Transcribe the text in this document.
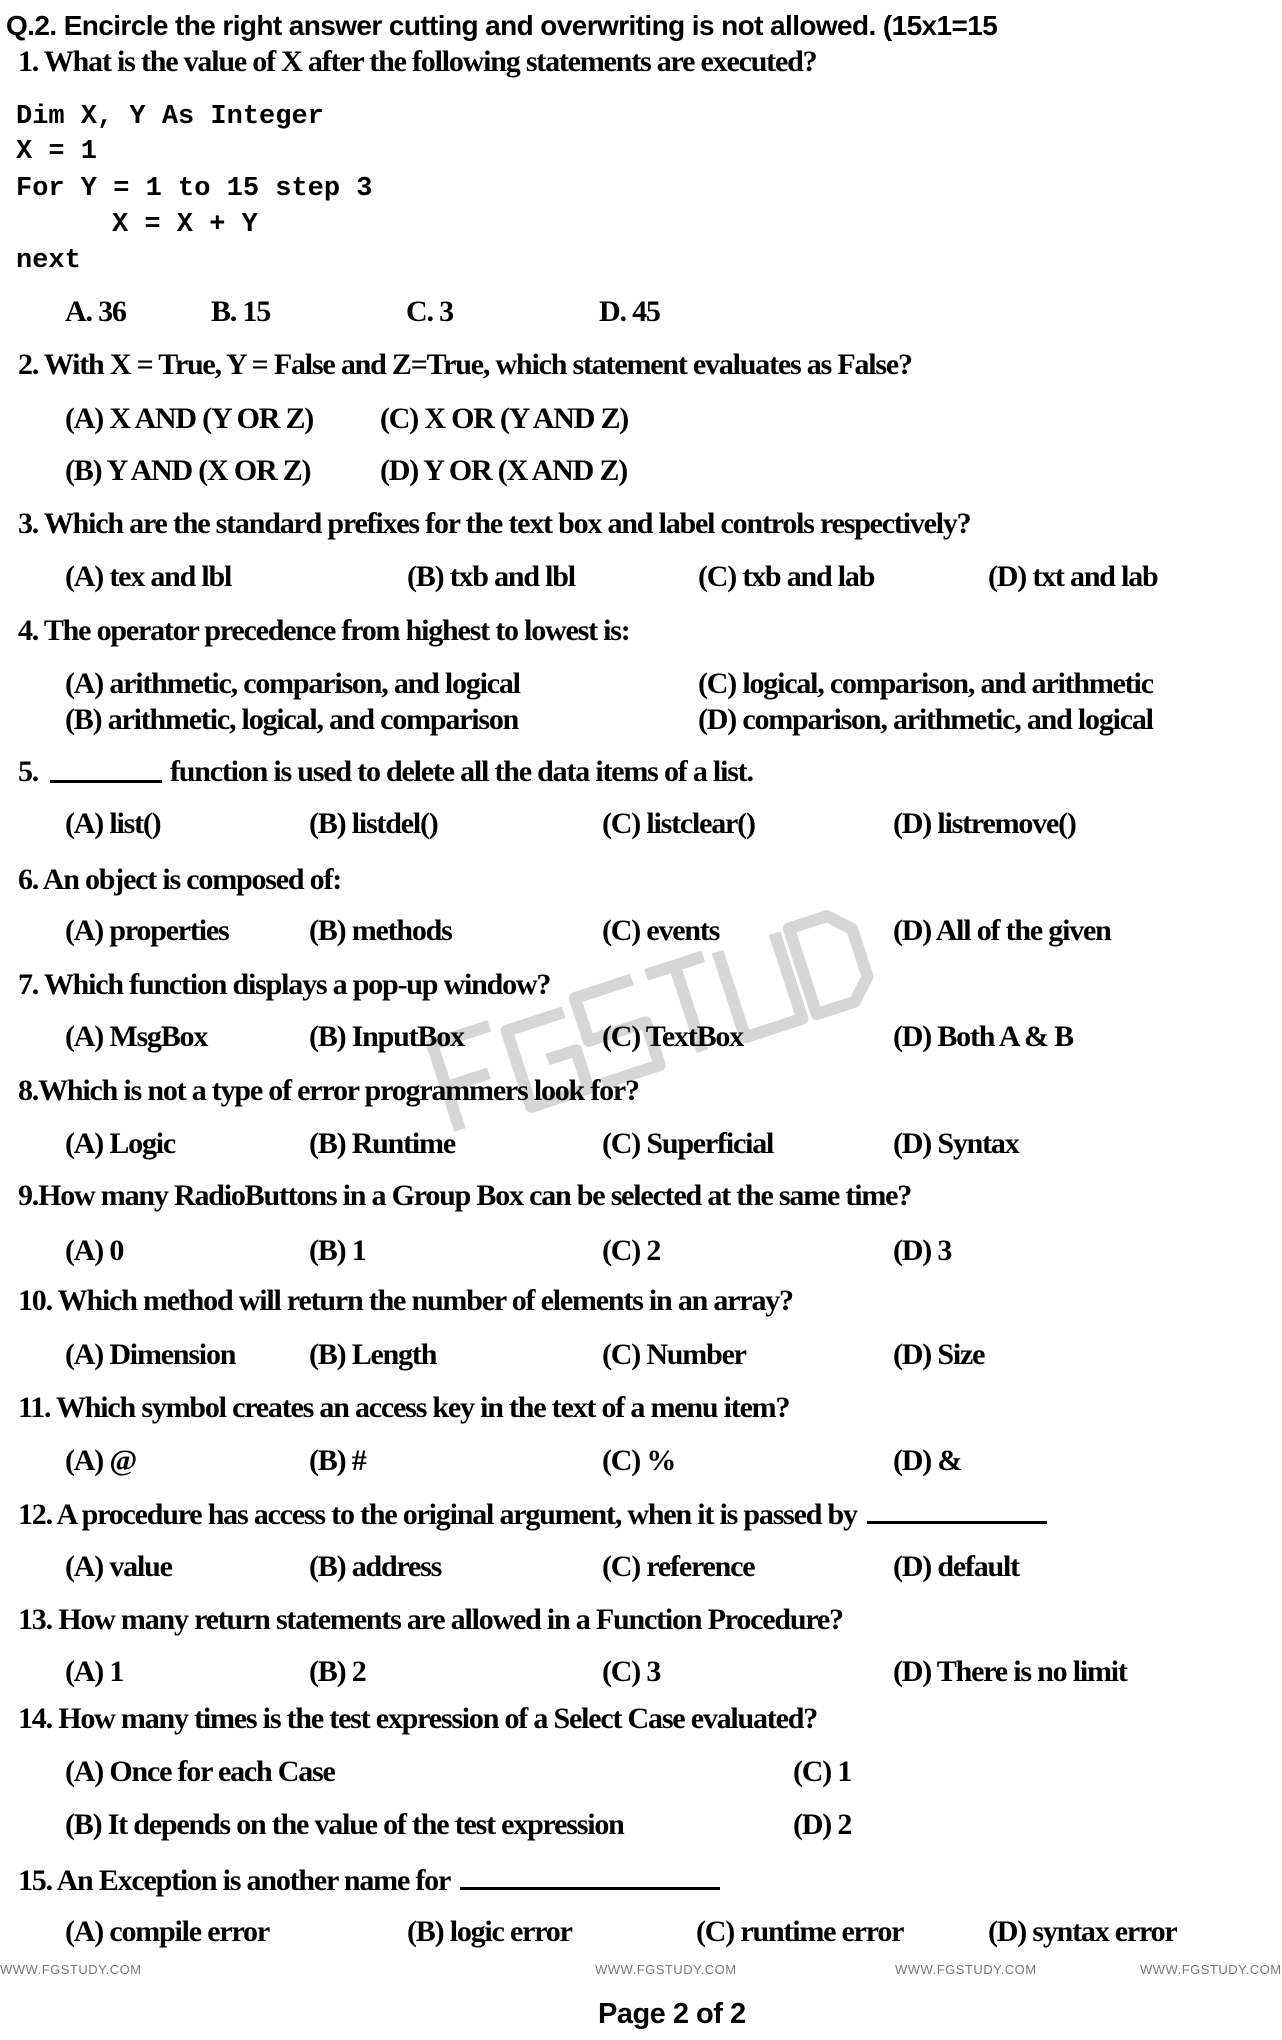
Q.2. Encircle the right answer cutting and overwriting is not allowed. (15x1=15
Dim X, Y As Integer
X = 1
For Y = 1 to 15 step 3
X = X + Y
next
1. What is the value of X after the following statements are executed?
A. 36	B. 15	C. 3	D. 45
2. With X = True, Y = False and Z=True, which statement evaluates as False?
(A) X AND (Y OR Z)
(B) Y AND (X OR Z)
(C) X OR (Y AND Z)
(D) Y OR (X AND Z)
3. Which are the standard prefixes for the text box and label controls respectively?
(A) tex and lbl	(B) txb and lbl	(C) txb and lab	(D) txt and lab
4. The operator precedence from highest to lowest is:
(A) arithmetic, comparison, and logical
(B) arithmetic, logical, and comparison
(C) logical, comparison, and arithmetic
(D) comparison, arithmetic, and logical
5.	function is used to delete all the data items of a list.
(A) list()	(B) listdel()	(C) listclear()	(D) listremove()
6. An object is composed of:
(A) properties	(B) methods	(C) events	(D) All of the given
7. Which function displays a pop-up window?
(A) MsgBox	(B) InputBox	(C) TextBox	(D) Both A & B
8.Which is not a type of error programmers look for?
(A) Logic	(B) Runtime	(C) Superficial	(D) Syntax
9.How many RadioButtons in a Group Box can be selected at the same time?
(A) 0	(B) 1	(C) 2	(D) 3
10. Which method will return the number of elements in an array?
(A) Dimension (B) Length	(C) Number	(D) Size
11. Which symbol creates an access key in the text of a menu item?
(A) @	(B) #	(C) %	(D) &
12. A procedure has access to the original argument, when it is passed by
(A) value	(B) address	(C) reference	(D) default
13. How many return statements are allowed in a Function Procedure?
(A) 1	(B) 2	(C) 3	(D) There is no limit
14. How many times is the test expression of a Select Case evaluated?
(A) Once for each Case
(B) It depends on the value of the test expression
(C) 1
(D) 2
15. An Exception is another name for
(A) compile error	(B) logic error	(C) runtime error	(D) syntax error
Page 2 of 2
WWW.FGSTUDY.COM	WWW.FGSTUDY.COM	WWW.FGSTUDY.COM	WWW.FGSTUDY.COM
